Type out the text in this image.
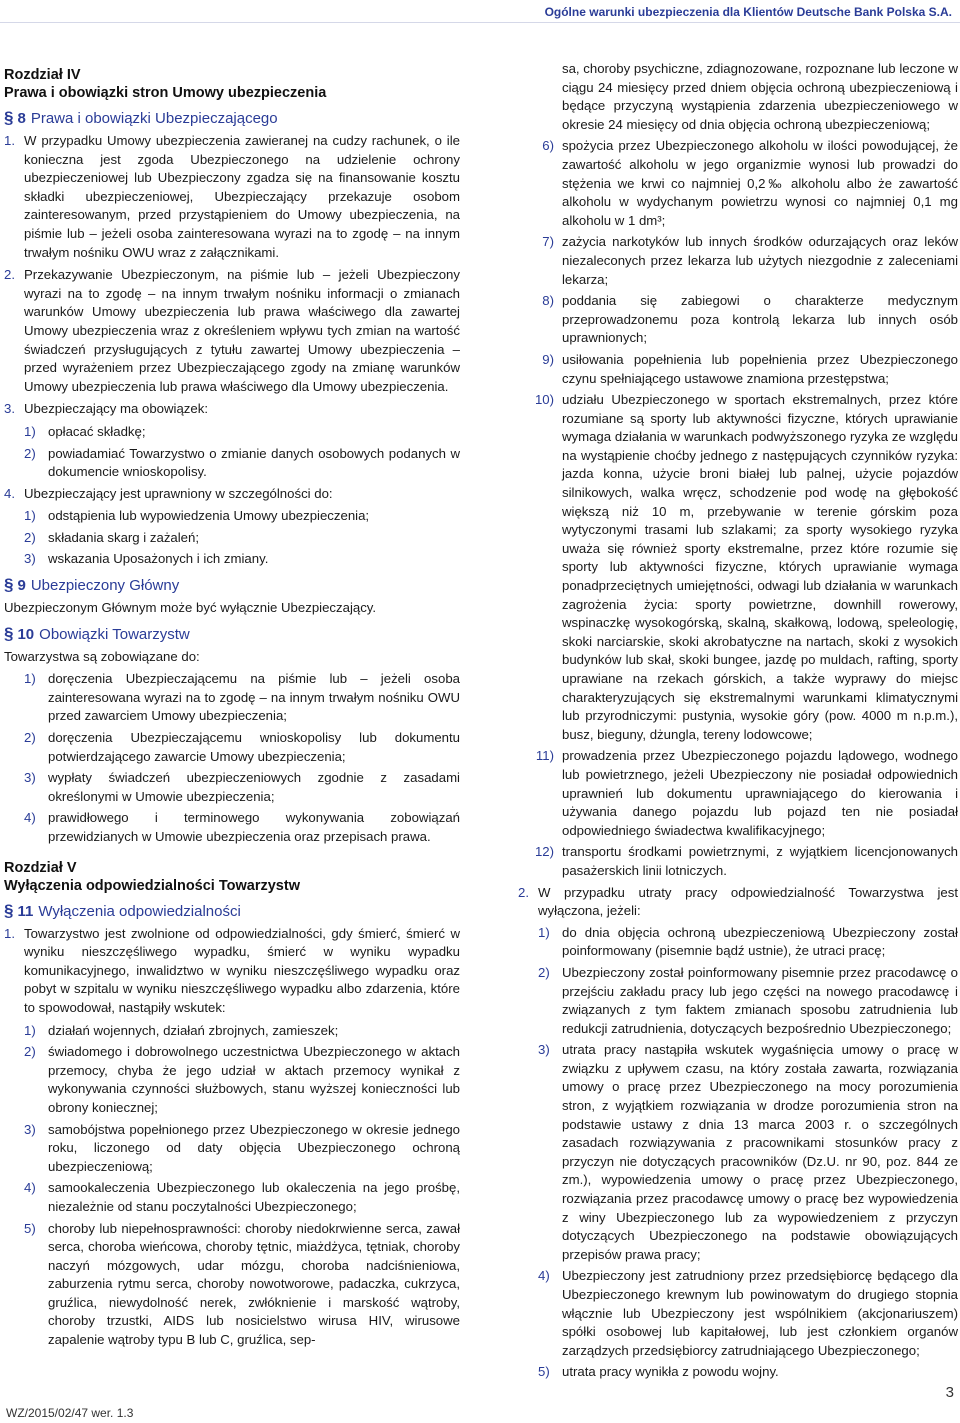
Ogólne warunki ubezpieczenia dla Klientów Deutsche Bank Polska S.A.
Rozdział IV
Prawa i obowiązki stron Umowy ubezpieczenia
§ 8 Prawa i obowiązki Ubezpieczającego
1. W przypadku Umowy ubezpieczenia zawieranej na cudzy rachunek, o ile konieczna jest zgoda Ubezpieczonego na udzielenie ochrony ubezpieczeniowej lub Ubezpieczony zgadza się na finansowanie kosztu składki ubezpieczeniowej, Ubezpieczający przekazuje osobom zainteresowanym, przed przystąpieniem do Umowy ubezpieczenia, na piśmie lub – jeżeli osoba zainteresowana wyrazi na to zgodę – na innym trwałym nośniku OWU wraz z załącznikami.
2. Przekazywanie Ubezpieczonym, na piśmie lub – jeżeli Ubezpieczony wyrazi na to zgodę – na innym trwałym nośniku informacji o zmianach warunków Umowy ubezpieczenia lub prawa właściwego dla zawartej Umowy ubezpieczenia wraz z określeniem wpływu tych zmian na wartość świadczeń przysługujących z tytułu zawartej Umowy ubezpieczenia – przed wyrażeniem przez Ubezpieczającego zgody na zmianę warunków Umowy ubezpieczenia lub prawa właściwego dla Umowy ubezpieczenia.
3. Ubezpieczający ma obowiązek:
1) opłacać składkę;
2) powiadamiać Towarzystwo o zmianie danych osobowych podanych w dokumencie wnioskopolisy.
4. Ubezpieczający jest uprawniony w szczególności do:
1) odstąpienia lub wypowiedzenia Umowy ubezpieczenia;
2) składania skarg i zażaleń;
3) wskazania Uposażonych i ich zmiany.
§ 9 Ubezpieczony Główny
Ubezpieczonym Głównym może być wyłącznie Ubezpieczający.
§ 10 Obowiązki Towarzystw
Towarzystwa są zobowiązane do:
1) doręczenia Ubezpieczającemu na piśmie lub – jeżeli osoba zainteresowana wyrazi na to zgodę – na innym trwałym nośniku OWU przed zawarciem Umowy ubezpieczenia;
2) doręczenia Ubezpieczającemu wnioskopolisy lub dokumentu potwierdzającego zawarcie Umowy ubezpieczenia;
3) wypłaty świadczeń ubezpieczeniowych zgodnie z zasadami określonymi w Umowie ubezpieczenia;
4) prawidłowego i terminowego wykonywania zobowiązań przewidzianych w Umowie ubezpieczenia oraz przepisach prawa.
Rozdział V
Wyłączenia odpowiedzialności Towarzystw
§ 11 Wyłączenia odpowiedzialności
1. Towarzystwo jest zwolnione od odpowiedzialności, gdy śmierć, śmierć w wyniku nieszczęśliwego wypadku, śmierć w wyniku wypadku komunikacyjnego, inwalidztwo w wyniku nieszczęśliwego wypadku oraz pobyt w szpitalu w wyniku nieszczęśliwego wypadku albo zdarzenia, które to spowodował, nastąpiły wskutek:
1) działań wojennych, działań zbrojnych, zamieszek;
2) świadomego i dobrowolnego uczestnictwa Ubezpieczonego w aktach przemocy, chyba że jego udział w aktach przemocy wynikał z wykonywania czynności służbowych, stanu wyższej konieczności lub obrony koniecznej;
3) samobójstwa popełnionego przez Ubezpieczonego w okresie jednego roku, liczonego od daty objęcia Ubezpieczonego ochroną ubezpieczeniową;
4) samookaleczenia Ubezpieczonego lub okaleczenia na jego prośbę, niezależnie od stanu poczytalności Ubezpieczonego;
5) choroby lub niepełnosprawności: choroby niedokrwienne serca, zawał serca, choroba wieńcowa, choroby tętnic, miażdżyca, tętniak, choroby naczyń mózgowych, udar mózgu, choroba nadciśnieniowa, zaburzenia rytmu serca, choroby nowotworowe, padaczka, cukrzyca, gruźlica, niewydolność nerek, zwłóknienie i marskość wątroby, choroby trzustki, AIDS lub nosicielstwo wirusa HIV, wirusowe zapalenie wątroby typu B lub C, gruźlica, sep-
sa, choroby psychiczne, zdiagnozowane, rozpoznane lub leczone w ciągu 24 miesięcy przed dniem objęcia ochroną ubezpieczeniową i będące przyczyną wystąpienia zdarzenia ubezpieczeniowego w okresie 24 miesięcy od dnia objęcia ochroną ubezpieczeniową;
6) spożycia przez Ubezpieczonego alkoholu w ilości powodującej, że zawartość alkoholu w jego organizmie wynosi lub prowadzi do stężenia we krwi co najmniej 0,2‰ alkoholu albo że zawartość alkoholu w wydychanym powietrzu wynosi co najmniej 0,1 mg alkoholu w 1 dm³;
7) zażycia narkotyków lub innych środków odurzających oraz leków niezaleconych przez lekarza lub użytych niezgodnie z zaleceniami lekarza;
8) poddania się zabiegowi o charakterze medycznym przeprowadzonemu poza kontrolą lekarza lub innych osób uprawnionych;
9) usiłowania popełnienia lub popełnienia przez Ubezpieczonego czynu spełniającego ustawowe znamiona przestępstwa;
10) udziału Ubezpieczonego w sportach ekstremalnych, przez które rozumiane są sporty lub aktywności fizyczne, których uprawianie wymaga działania w warunkach podwyższonego ryzyka ze względu na wystąpienie choćby jednego z następujących czynników ryzyka: jazda konna, użycie broni białej lub palnej, użycie pojazdów silnikowych, walka wręcz, schodzenie pod wodę na głębokość większą niż 10 m, przebywanie w terenie górskim poza wytyczonymi trasami lub szlakami; za sporty wysokiego ryzyka uważa się również sporty ekstremalne, przez które rozumie się sporty lub aktywności fizyczne, których uprawianie wymaga ponadprzeciętnych umiejętności, odwagi lub działania w warunkach zagrożenia życia: sporty powietrzne, downhill rowerowy, wspinaczkę wysokogórską, skalną, skałkową, lodową, speleologię, skoki narciarskie, skoki akrobatyczne na nartach, skoki z wysokich budynków lub skał, skoki bungee, jazdę po muldach, rafting, sporty uprawiane na rzekach górskich, a także wyprawy do miejsc charakteryzujących się ekstremalnymi warunkami klimatycznymi lub przyrodniczymi: pustynia, wysokie góry (pow. 4000 m n.p.m.), busz, bieguny, dżungla, tereny lodowcowe;
11) prowadzenia przez Ubezpieczonego pojazdu lądowego, wodnego lub powietrznego, jeżeli Ubezpieczony nie posiadał odpowiednich uprawnień lub dokumentu uprawniającego do kierowania i używania danego pojazdu lub pojazd ten nie posiadał odpowiedniego świadectwa kwalifikacyjnego;
12) transportu środkami powietrznymi, z wyjątkiem licencjonowanych pasażerskich linii lotniczych.
2. W przypadku utraty pracy odpowiedzialność Towarzystwa jest wyłączona, jeżeli:
1) do dnia objęcia ochroną ubezpieczeniową Ubezpieczony został poinformowany (pisemnie bądź ustnie), że utraci pracę;
2) Ubezpieczony został poinformowany pisemnie przez pracodawcę o przejściu zakładu pracy lub jego części na nowego pracodawcę i związanych z tym faktem zmianach sposobu zatrudnienia lub redukcji zatrudnienia, dotyczących bezpośrednio Ubezpieczonego;
3) utrata pracy nastąpiła wskutek wygaśnięcia umowy o pracę w związku z upływem czasu, na który została zawarta, rozwiązania umowy o pracę przez Ubezpieczonego na mocy porozumienia stron, z wyjątkiem rozwiązania w drodze porozumienia stron na podstawie ustawy z dnia 13 marca 2003 r. o szczególnych zasadach rozwiązywania z pracownikami stosunków pracy z przyczyn nie dotyczących pracowników (Dz.U. nr 90, poz. 844 ze zm.), wypowiedzenia umowy o pracę przez Ubezpieczonego, rozwiązania przez pracodawcę umowy o pracę bez wypowiedzenia z winy Ubezpieczonego lub za wypowiedzeniem z przyczyn dotyczących Ubezpieczonego na podstawie obowiązujących przepisów prawa pracy;
4) Ubezpieczony jest zatrudniony przez przedsiębiorcę będącego dla Ubezpieczonego krewnym lub powinowatym do drugiego stopnia włącznie lub Ubezpieczony jest wspólnikiem (akcjonariuszem) spółki osobowej lub kapitałowej, lub jest członkiem organów zarządzych przedsiębiorcy zatrudniającego Ubezpieczonego;
5) utrata pracy wynikła z powodu wojny.
3
WZ/2015/02/47 wer. 1.3
